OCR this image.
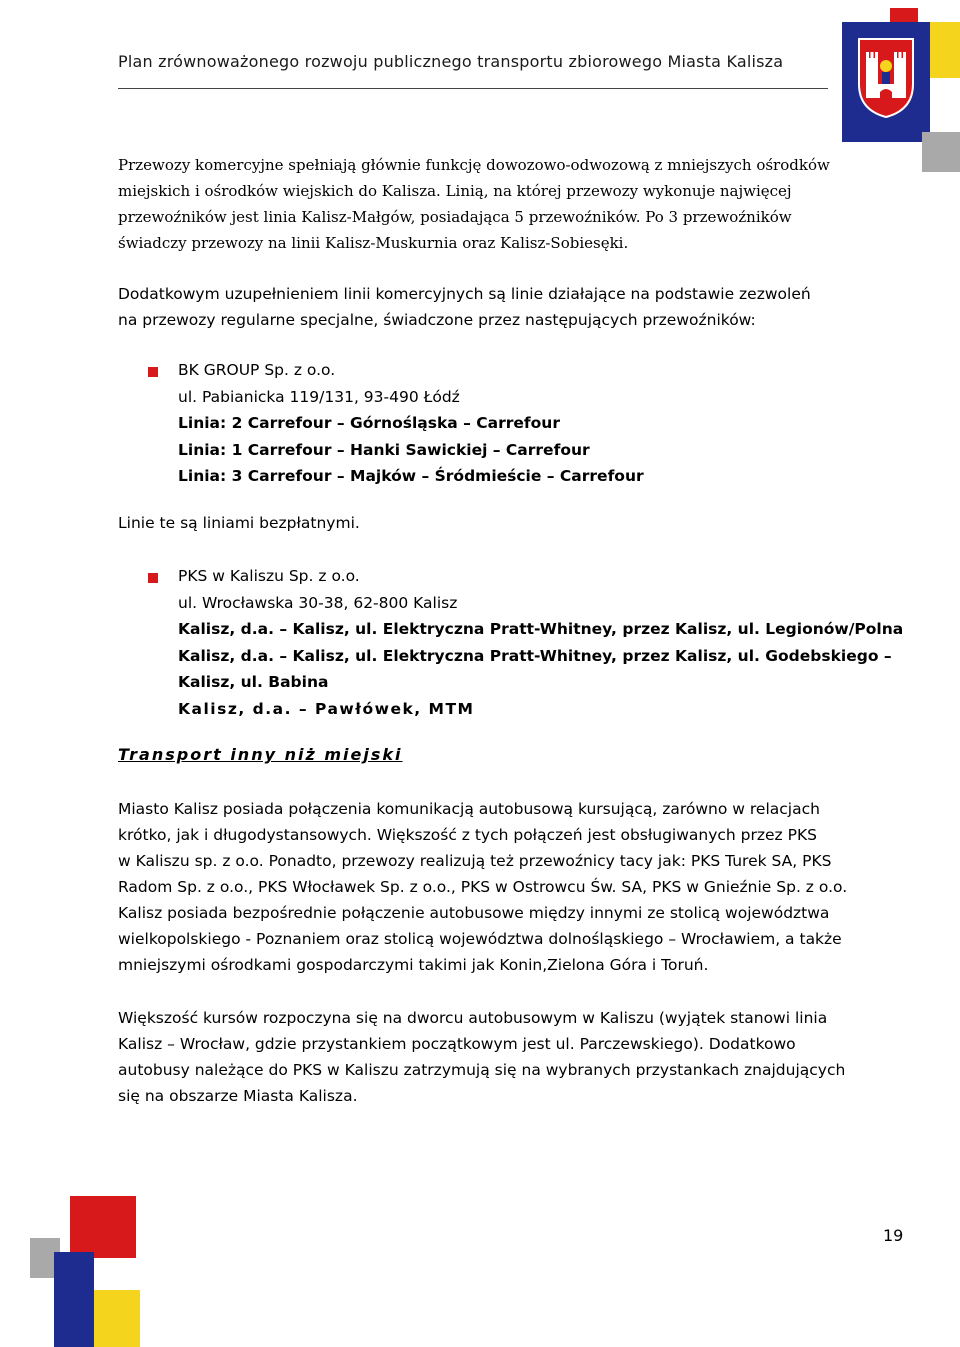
Plan zrównoważonego rozwoju publicznego transportu zbiorowego Miasta Kalisza
Przewozy komercyjne spełniają głównie funkcję dowozowo-odwozową z mniejszych ośrodków
miejskich i ośrodków wiejskich do Kalisza. Linią, na której przewozy wykonuje najwięcej
przewoźników jest linia Kalisz-Małgów, posiadająca 5 przewoźników. Po 3 przewoźników
świadczy przewozy na linii Kalisz-Muskurnia oraz Kalisz-Sobiesęki.
Dodatkowym uzupełnieniem linii komercyjnych są linie działające na podstawie zezwoleń
na przewozy regularne specjalne, świadczone przez następujących przewoźników:
BK GROUP Sp. z o.o.
ul. Pabianicka 119/131, 93-490 Łódź
Linia: 2 Carrefour – Górnośląska – Carrefour
Linia: 1 Carrefour – Hanki Sawickiej – Carrefour
Linia: 3 Carrefour – Majków – Śródmieście – Carrefour
Linie te są liniami bezpłatnymi.
PKS w Kaliszu Sp. z o.o.
ul. Wrocławska 30-38, 62-800 Kalisz
Kalisz, d.a. – Kalisz, ul. Elektryczna Pratt-Whitney, przez Kalisz, ul. Legionów/Polna
Kalisz, d.a. – Kalisz, ul. Elektryczna Pratt-Whitney, przez Kalisz, ul. Godebskiego –
Kalisz, ul. Babina
Kalisz, d.a. – Pawłówek, MTM
Transport inny niż miejski
Miasto Kalisz posiada połączenia komunikacją autobusową kursującą, zarówno w relacjach
krótko, jak i długodystansowych. Większość z tych połączeń jest obsługiwanych przez PKS
w Kaliszu sp. z o.o. Ponadto, przewozy realizują też przewoźnicy tacy jak: PKS Turek SA, PKS
Radom Sp. z o.o., PKS Włocławek Sp. z o.o., PKS w Ostrowcu Św. SA, PKS w Gnieźnie Sp. z o.o.
Kalisz posiada bezpośrednie połączenie autobusowe między innymi ze stolicą województwa
wielkopolskiego - Poznaniem oraz stolicą województwa dolnośląskiego – Wrocławiem, a także
mniejszymi ośrodkami gospodarczymi takimi jak Konin,Zielona Góra i Toruń.
Większość kursów rozpoczyna się na dworcu autobusowym w Kaliszu (wyjątek stanowi linia
Kalisz – Wrocław, gdzie przystankiem początkowym jest ul. Parczewskiego). Dodatkowo
autobusy należące do PKS w Kaliszu zatrzymują się na wybranych przystankach znajdujących
się na obszarze Miasta Kalisza.
19
